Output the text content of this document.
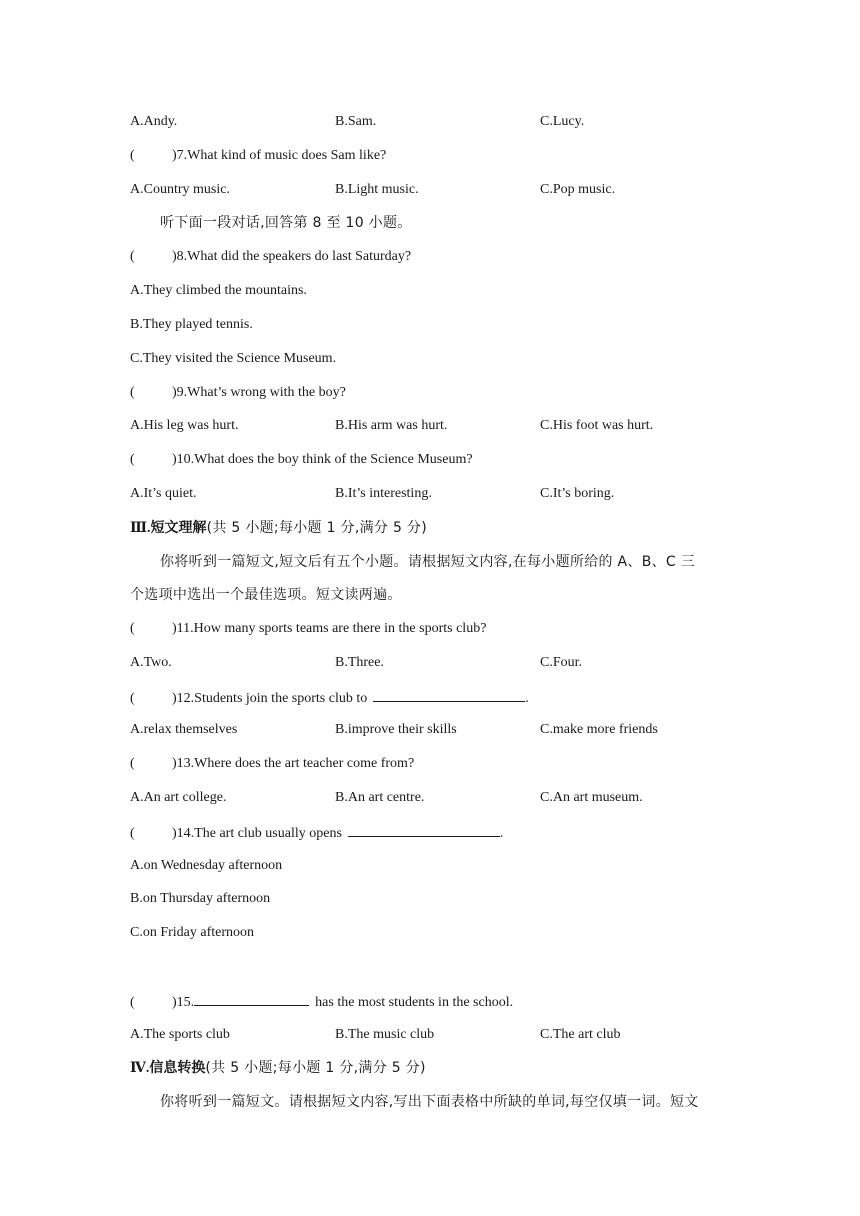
A.Andy.	B.Sam.	C.Lucy.
(	)7.What kind of music does Sam like?
A.Country music.	B.Light music.	C.Pop music.
听下面一段对话,回答第 8 至 10 小题。
(	)8.What did the speakers do last Saturday?
A.They climbed the mountains.
B.They played tennis.
C.They visited the Science Museum.
(	)9.What’s wrong with the boy?
A.His leg was hurt.	B.His arm was hurt.	C.His foot was hurt.
(	)10.What does the boy think of the Science Museum?
A.It’s quiet.	B.It’s interesting.	C.It’s boring.
Ⅲ.短文理解(共 5 小题;每小题 1 分,满分 5 分)
你将听到一篇短文,短文后有五个小题。请根据短文内容,在每小题所给的 A、B、C 三
个选项中选出一个最佳选项。短文读两遍。
(	)11.How many sports teams are there in the sports club?
A.Two.	B.Three.	C.Four.
(	)12.Students join the sports club to	.
A.relax themselves	B.improve their skills	C.make more friends
(	)13.Where does the art teacher come from?
A.An art college.	B.An art centre.	C.An art museum.
(	)14.The art club usually opens	.
A.on Wednesday afternoon
B.on Thursday afternoon
C.on Friday afternoon
(	)15.	has the most students in the school.
A.The sports club	B.The music club	C.The art club
Ⅳ.信息转换(共 5 小题;每小题 1 分,满分 5 分)
你将听到一篇短文。请根据短文内容,写出下面表格中所缺的单词,每空仅填一词。短文
